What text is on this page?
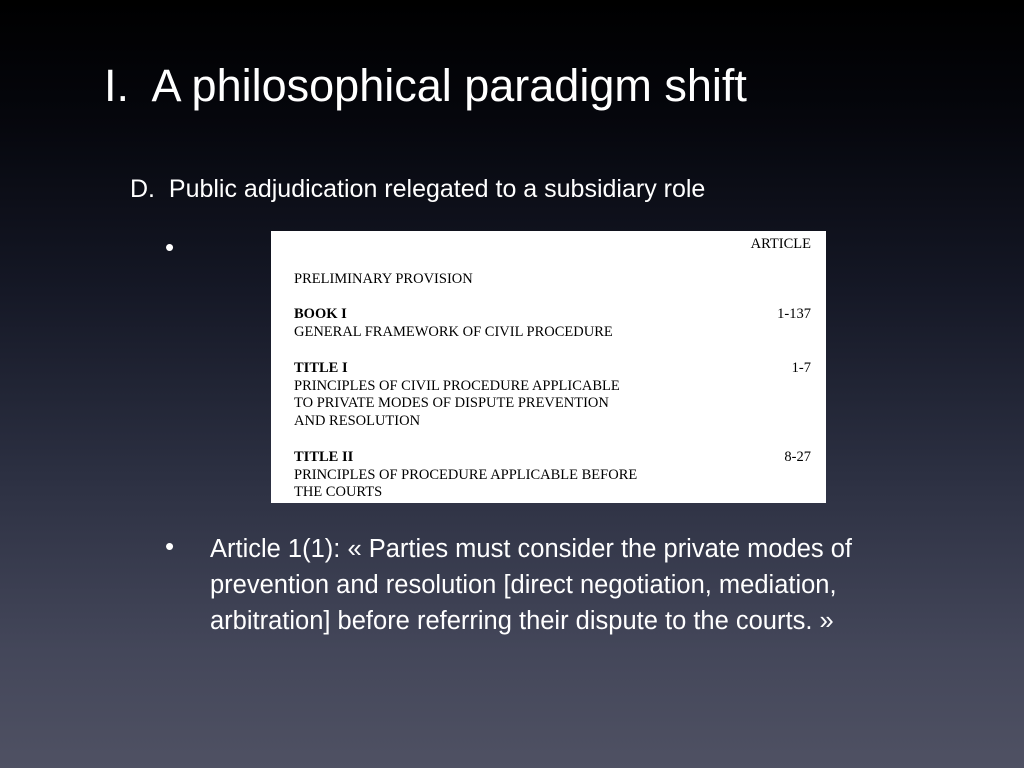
I.  A philosophical paradigm shift
D.  Public adjudication relegated to a subsidiary role
•	ARTICLE
PRELIMINARY PROVISION
BOOK I	1-137
GENERAL FRAMEWORK OF CIVIL PROCEDURE
TITLE I	1-7
PRINCIPLES OF CIVIL PROCEDURE APPLICABLE
TO PRIVATE MODES OF DISPUTE PREVENTION
AND RESOLUTION
TITLE II	8-27
PRINCIPLES OF PROCEDURE APPLICABLE BEFORE
THE COURTS
• Article 1(1): « Parties must consider the private modes of prevention and resolution [direct negotiation, mediation, arbitration] before referring their dispute to the courts. »
